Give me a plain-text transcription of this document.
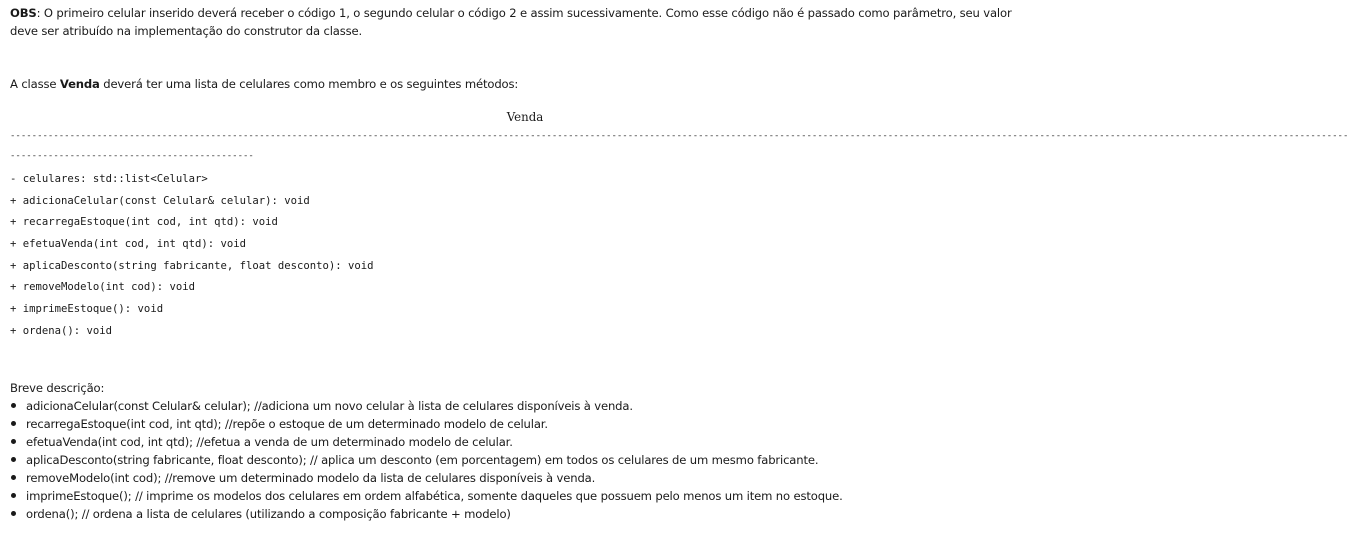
OBS: O primeiro celular inserido deverá receber o código 1, o segundo celular o código 2 e assim sucessivamente. Como esse código não é passado como parâmetro, seu valor deve ser atribuído na implementação do construtor da classe.
A classe Venda deverá ter uma lista de celulares como membro e os seguintes métodos:
Venda
-------------------------------------------------------------------------------------------------------------------------------------------------------------------------------------------------------------------------------------------------------
---------------------------------------------
- celulares: std::list<Celular>
+ adicionaCelular(const Celular& celular): void
+ recarregaEstoque(int cod, int qtd): void
+ efetuaVenda(int cod, int qtd): void
+ aplicaDesconto(string fabricante, float desconto): void
+ removeModelo(int cod): void
+ imprimeEstoque(): void
+ ordena(): void
Breve descrição:
adicionaCelular(const Celular& celular); //adiciona um novo celular à lista de celulares disponíveis à venda.
recarregaEstoque(int cod, int qtd); //repõe o estoque de um determinado modelo de celular.
efetuaVenda(int cod, int qtd); //efetua a venda de um determinado modelo de celular.
aplicaDesconto(string fabricante, float desconto); // aplica um desconto (em porcentagem) em todos os celulares de um mesmo fabricante.
removeModelo(int cod); //remove um determinado modelo da lista de celulares disponíveis à venda.
imprimeEstoque(); // imprime os modelos dos celulares em ordem alfabética, somente daqueles que possuem pelo menos um item no estoque.
ordena(); // ordena a lista de celulares (utilizando a composição fabricante + modelo)
